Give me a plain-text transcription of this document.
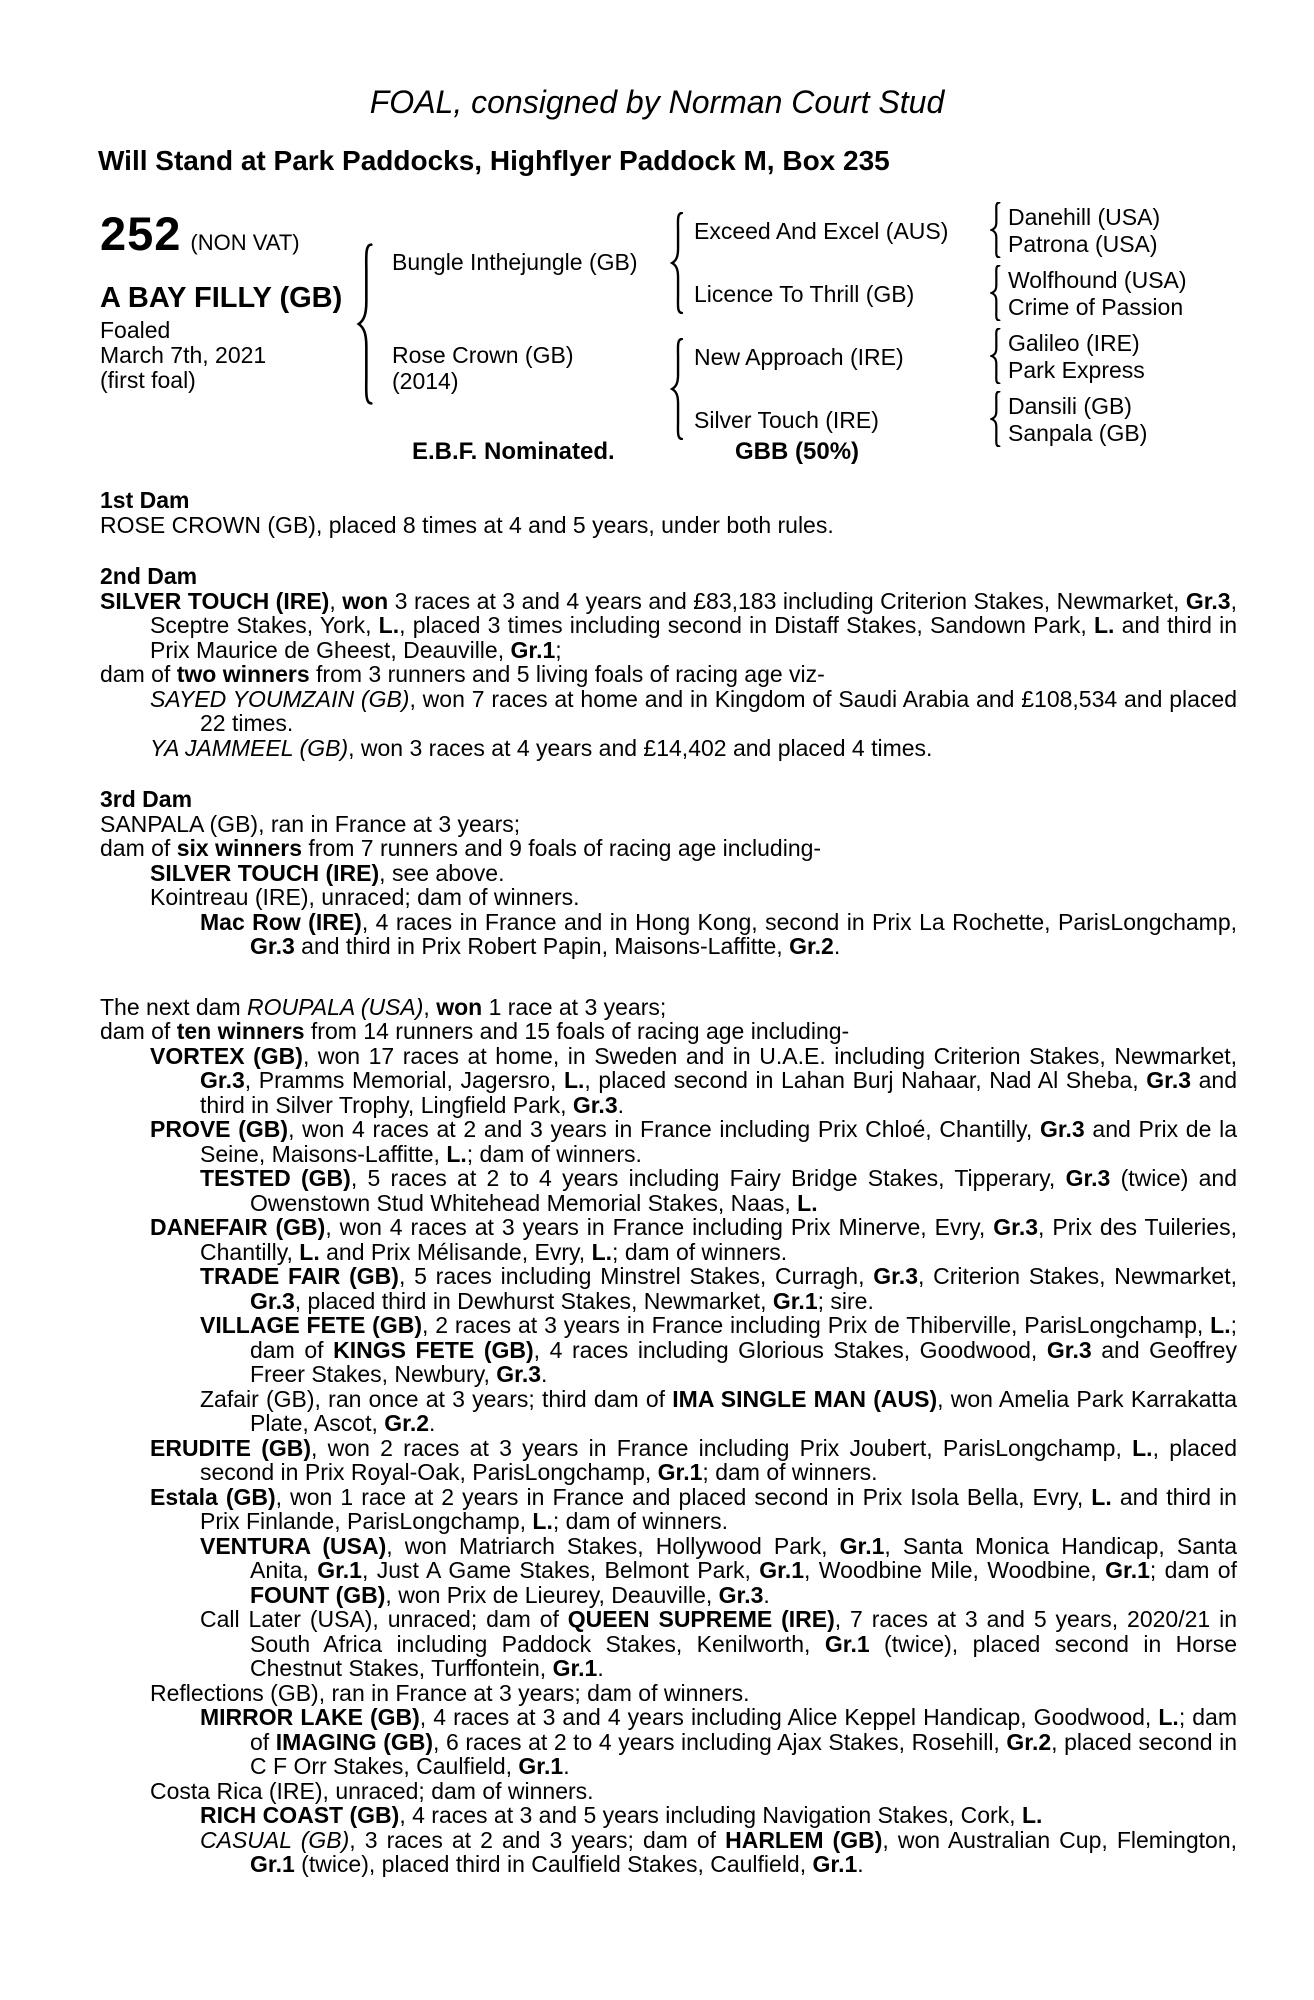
FOAL, consigned by Norman Court Stud
Will Stand at Park Paddocks, Highflyer Paddock M, Box 235
252 (NON VAT)
A BAY FILLY (GB)
Foaled
March 7th, 2021
(first foal)
Bungle Inthejungle (GB)
Rose Crown (GB)
(2014)
Exceed And Excel (AUS)
Licence To Thrill (GB)
New Approach (IRE)
Silver Touch (IRE)
Danehill (USA)
Patrona (USA)
Wolfhound (USA)
Crime of Passion
Galileo (IRE)
Park Express
Dansili (GB)
Sanpala (GB)
E.B.F. Nominated.	GBB (50%)
1st Dam
ROSE CROWN (GB), placed 8 times at 4 and 5 years, under both rules.
2nd Dam
SILVER TOUCH (IRE), won 3 races at 3 and 4 years and £83,183 including Criterion Stakes, Newmarket, Gr.3, Sceptre Stakes, York, L., placed 3 times including second in Distaff Stakes, Sandown Park, L. and third in Prix Maurice de Gheest, Deauville, Gr.1;
dam of two winners from 3 runners and 5 living foals of racing age viz-
SAYED YOUMZAIN (GB), won 7 races at home and in Kingdom of Saudi Arabia and £108,534 and placed 22 times.
YA JAMMEEL (GB), won 3 races at 4 years and £14,402 and placed 4 times.
3rd Dam
SANPALA (GB), ran in France at 3 years;
dam of six winners from 7 runners and 9 foals of racing age including-
SILVER TOUCH (IRE), see above.
Kointreau (IRE), unraced; dam of winners.
Mac Row (IRE), 4 races in France and in Hong Kong, second in Prix La Rochette, ParisLongchamp, Gr.3 and third in Prix Robert Papin, Maisons-Laffitte, Gr.2.
The next dam ROUPALA (USA), won 1 race at 3 years;
dam of ten winners from 14 runners and 15 foals of racing age including-
VORTEX (GB), won 17 races at home, in Sweden and in U.A.E. including Criterion Stakes, Newmarket, Gr.3, Pramms Memorial, Jagersro, L., placed second in Lahan Burj Nahaar, Nad Al Sheba, Gr.3 and third in Silver Trophy, Lingfield Park, Gr.3.
PROVE (GB), won 4 races at 2 and 3 years in France including Prix Chloé, Chantilly, Gr.3 and Prix de la Seine, Maisons-Laffitte, L.; dam of winners.
TESTED (GB), 5 races at 2 to 4 years including Fairy Bridge Stakes, Tipperary, Gr.3 (twice) and Owenstown Stud Whitehead Memorial Stakes, Naas, L.
DANEFAIR (GB), won 4 races at 3 years in France including Prix Minerve, Evry, Gr.3, Prix des Tuileries, Chantilly, L. and Prix Mélisande, Evry, L.; dam of winners.
TRADE FAIR (GB), 5 races including Minstrel Stakes, Curragh, Gr.3, Criterion Stakes, Newmarket, Gr.3, placed third in Dewhurst Stakes, Newmarket, Gr.1; sire.
VILLAGE FETE (GB), 2 races at 3 years in France including Prix de Thiberville, ParisLongchamp, L.; dam of KINGS FETE (GB), 4 races including Glorious Stakes, Goodwood, Gr.3 and Geoffrey Freer Stakes, Newbury, Gr.3.
Zafair (GB), ran once at 3 years; third dam of IMA SINGLE MAN (AUS), won Amelia Park Karrakatta Plate, Ascot, Gr.2.
ERUDITE (GB), won 2 races at 3 years in France including Prix Joubert, ParisLongchamp, L., placed second in Prix Royal-Oak, ParisLongchamp, Gr.1; dam of winners.
Estala (GB), won 1 race at 2 years in France and placed second in Prix Isola Bella, Evry, L. and third in Prix Finlande, ParisLongchamp, L.; dam of winners.
VENTURA (USA), won Matriarch Stakes, Hollywood Park, Gr.1, Santa Monica Handicap, Santa Anita, Gr.1, Just A Game Stakes, Belmont Park, Gr.1, Woodbine Mile, Woodbine, Gr.1; dam of FOUNT (GB), won Prix de Lieurey, Deauville, Gr.3.
Call Later (USA), unraced; dam of QUEEN SUPREME (IRE), 7 races at 3 and 5 years, 2020/21 in South Africa including Paddock Stakes, Kenilworth, Gr.1 (twice), placed second in Horse Chestnut Stakes, Turffontein, Gr.1.
Reflections (GB), ran in France at 3 years; dam of winners.
MIRROR LAKE (GB), 4 races at 3 and 4 years including Alice Keppel Handicap, Goodwood, L.; dam of IMAGING (GB), 6 races at 2 to 4 years including Ajax Stakes, Rosehill, Gr.2, placed second in C F Orr Stakes, Caulfield, Gr.1.
Costa Rica (IRE), unraced; dam of winners.
RICH COAST (GB), 4 races at 3 and 5 years including Navigation Stakes, Cork, L.
CASUAL (GB), 3 races at 2 and 3 years; dam of HARLEM (GB), won Australian Cup, Flemington, Gr.1 (twice), placed third in Caulfield Stakes, Caulfield, Gr.1.
